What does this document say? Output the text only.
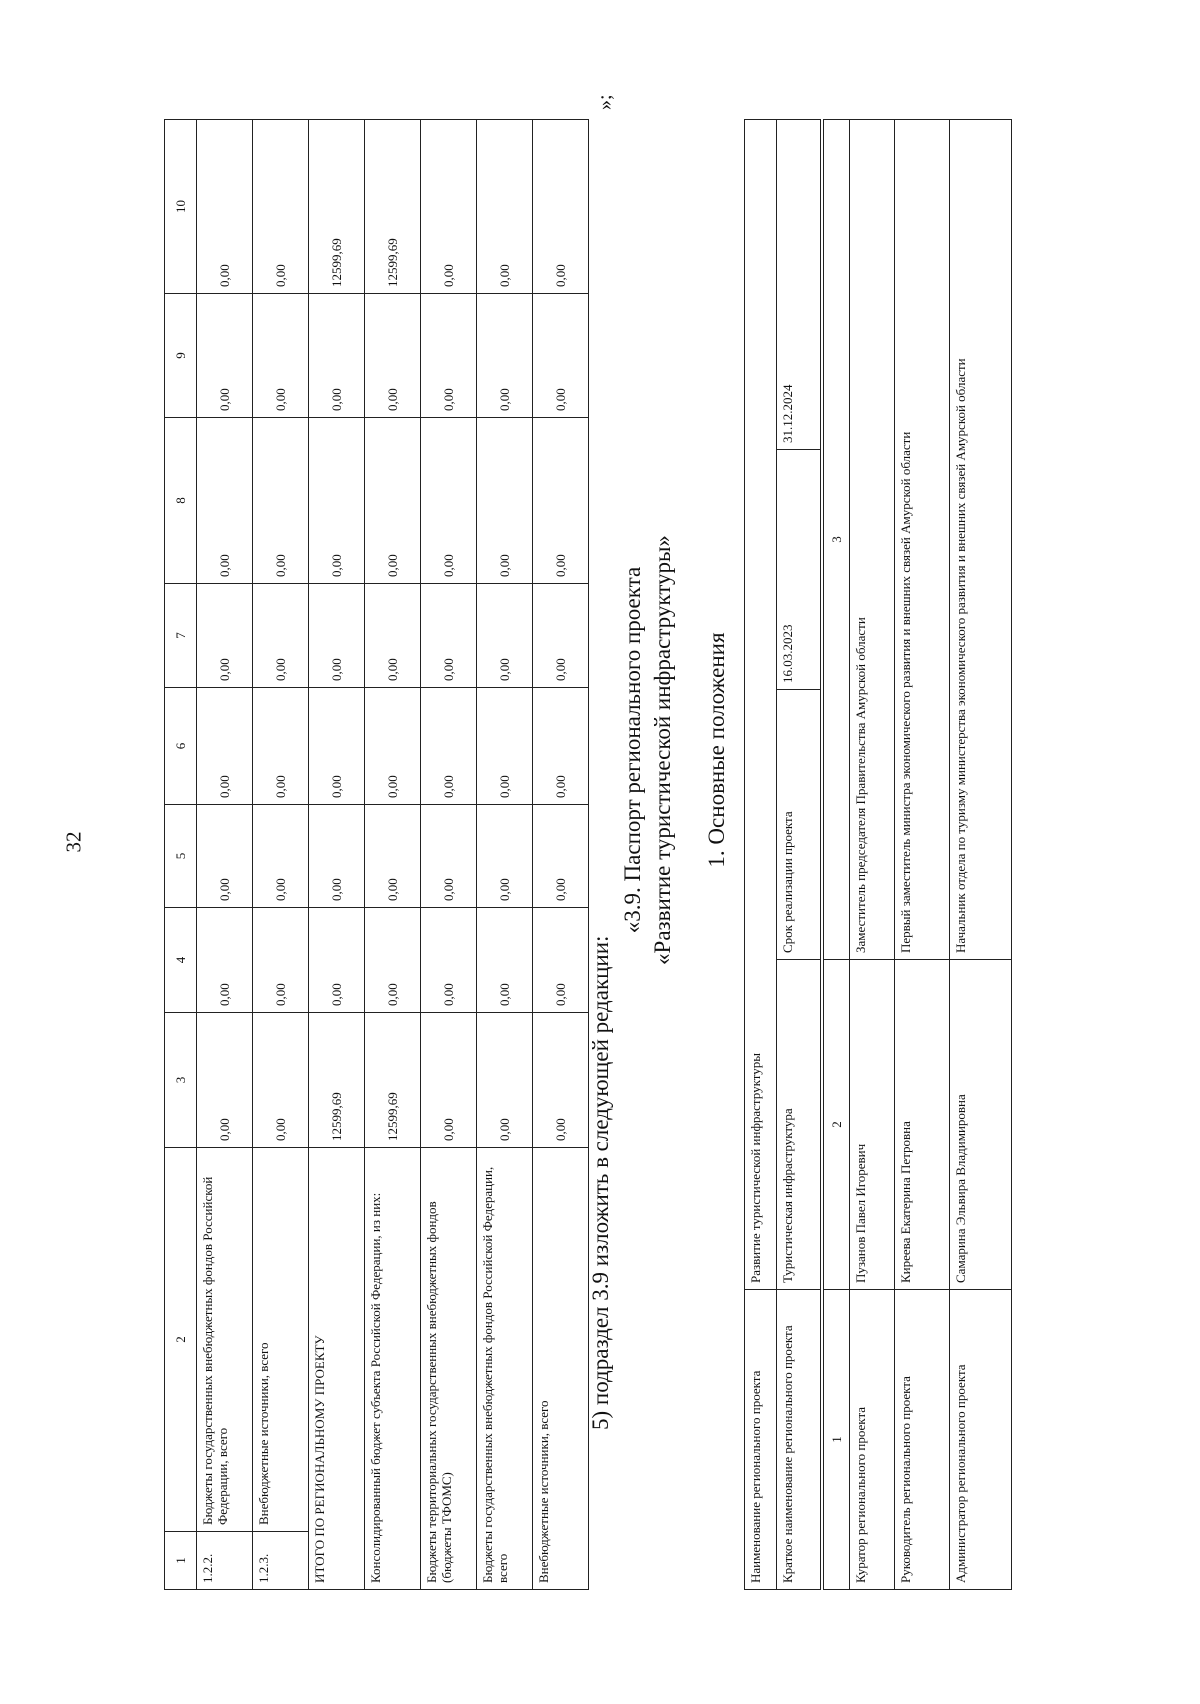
32
1	2	3	4	5	6	7	8	9	10
1.2.2.	Бюджеты государственных внебюджетных фондов Российской Федерации, всего	0,00	0,00	0,00	0,00	0,00	0,00	0,00	0,00
1.2.3.	Внебюджетные источники, всего	0,00	0,00	0,00	0,00	0,00	0,00	0,00	0,00
ИТОГО ПО РЕГИОНАЛЬНОМУ ПРОЕКТУ		12599,69	0,00	0,00	0,00	0,00	0,00	0,00	12599,69
Консолидированный бюджет субъекта Российской Федерации, из них:		12599,69	0,00	0,00	0,00	0,00	0,00	0,00	12599,69
Бюджеты территориальных государственных внебюджетных фондов (бюджеты ТФОМС)		0,00	0,00	0,00	0,00	0,00	0,00	0,00	0,00
Бюджеты государственных внебюджетных фондов Российской Федерации, всего		0,00	0,00	0,00	0,00	0,00	0,00	0,00	0,00
Внебюджетные источники, всего		0,00	0,00	0,00	0,00	0,00	0,00	0,00	0,00
»;
5) подраздел 3.9 изложить в следующей редакции:
«3.9. Паспорт регионального проекта «Развитие туристической инфраструктуры» 1. Основные положения
Наименование регионального проекта	Развитие туристической инфраструктуры			
Краткое наименование регионального проекта	Туристическая инфраструктура	Срок реализации проекта	16.03.2023	31.12.2024
1	2	3		
Куратор регионального проекта	Пузанов Павел Игоревич	Заместитель председателя Правительства Амурской области		
Руководитель регионального проекта	Киреева Екатерина Петровна	Первый заместитель министра экономического развития и внешних связей Амурской области		
Администратор регионального проекта	Самарина Эльвира Владимировна	Начальник отдела по туризму министерства экономического развития и внешних связей Амурской области		
